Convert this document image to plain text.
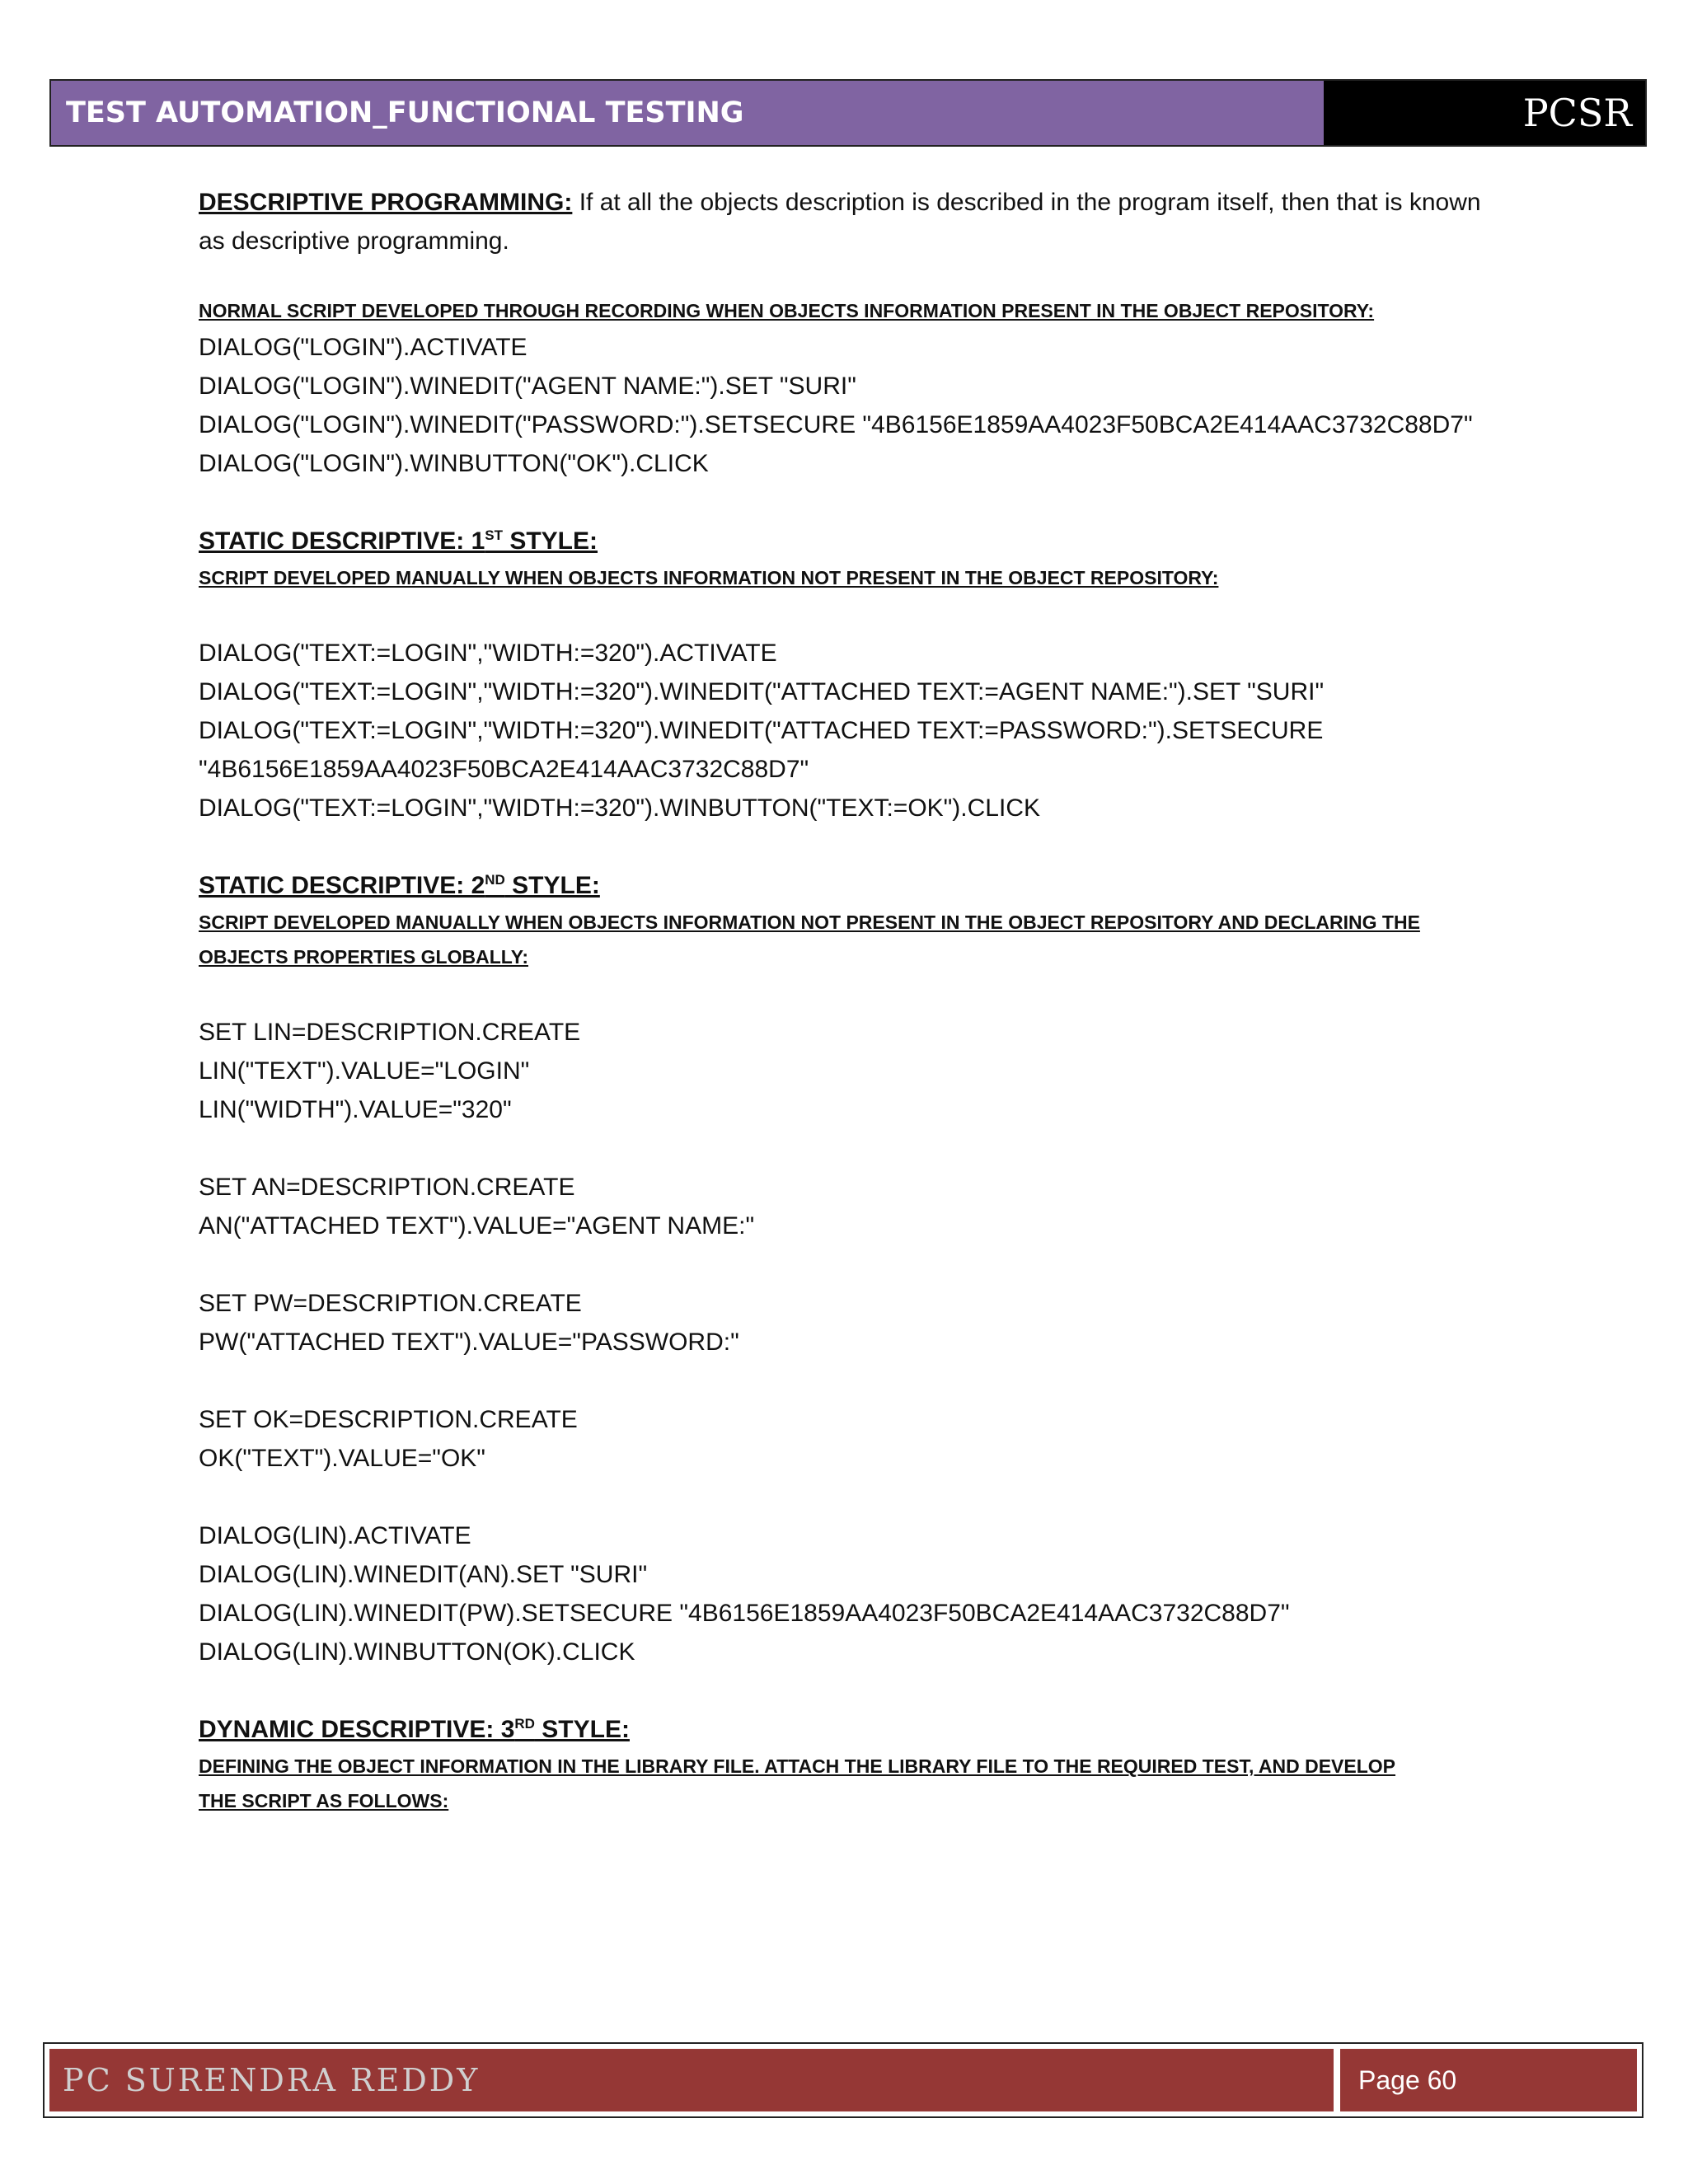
TEST AUTOMATION_FUNCTIONAL TESTING	PCSR

DESCRIPTIVE PROGRAMMING: If at all the objects description is described in the program itself, then that is known

as descriptive programming.

NORMAL SCRIPT DEVELOPED THROUGH RECORDING WHEN OBJECTS INFORMATION PRESENT IN THE OBJECT REPOSITORY:

DIALOG("LOGIN").ACTIVATE

DIALOG("LOGIN").WINEDIT("AGENT NAME:").SET "SURI"

DIALOG("LOGIN").WINEDIT("PASSWORD:").SETSECURE "4B6156E1859AA4023F50BCA2E414AAC3732C88D7"

DIALOG("LOGIN").WINBUTTON("OK").CLICK

STATIC DESCRIPTIVE: 1ST STYLE:

SCRIPT DEVELOPED MANUALLY WHEN OBJECTS INFORMATION NOT PRESENT IN THE OBJECT REPOSITORY:

DIALOG("TEXT:=LOGIN","WIDTH:=320").ACTIVATE

DIALOG("TEXT:=LOGIN","WIDTH:=320").WINEDIT("ATTACHED TEXT:=AGENT NAME:").SET "SURI"

DIALOG("TEXT:=LOGIN","WIDTH:=320").WINEDIT("ATTACHED TEXT:=PASSWORD:").SETSECURE

"4B6156E1859AA4023F50BCA2E414AAC3732C88D7"

DIALOG("TEXT:=LOGIN","WIDTH:=320").WINBUTTON("TEXT:=OK").CLICK

STATIC DESCRIPTIVE: 2ND STYLE:

SCRIPT DEVELOPED MANUALLY WHEN OBJECTS INFORMATION NOT PRESENT IN THE OBJECT REPOSITORY AND DECLARING THE

OBJECTS PROPERTIES GLOBALLY:

SET LIN=DESCRIPTION.CREATE

LIN("TEXT").VALUE="LOGIN"

LIN("WIDTH").VALUE="320"

SET AN=DESCRIPTION.CREATE

AN("ATTACHED TEXT").VALUE="AGENT NAME:"

SET PW=DESCRIPTION.CREATE

PW("ATTACHED TEXT").VALUE="PASSWORD:"

SET OK=DESCRIPTION.CREATE

OK("TEXT").VALUE="OK"

DIALOG(LIN).ACTIVATE

DIALOG(LIN).WINEDIT(AN).SET "SURI"

DIALOG(LIN).WINEDIT(PW).SETSECURE "4B6156E1859AA4023F50BCA2E414AAC3732C88D7"

DIALOG(LIN).WINBUTTON(OK).CLICK

DYNAMIC DESCRIPTIVE: 3RD STYLE:

DEFINING THE OBJECT INFORMATION IN THE LIBRARY FILE. ATTACH THE LIBRARY FILE TO THE REQUIRED TEST, AND DEVELOP

THE SCRIPT AS FOLLOWS:

PC SURENDRA REDDY	Page 60
